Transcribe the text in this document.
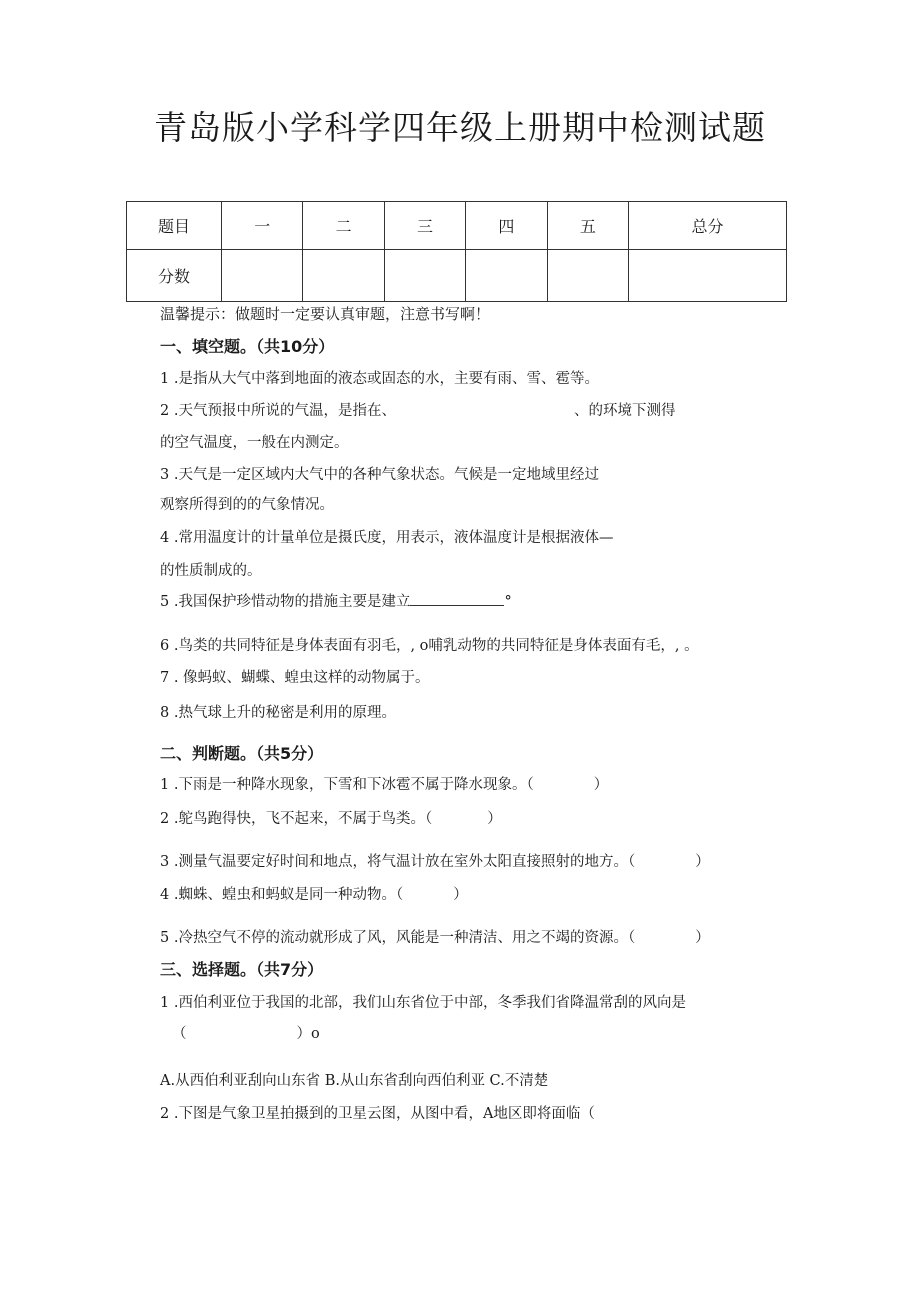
青岛版小学科学四年级上册期中检测试题
题目	一	二	三	四	五	总分
分数						
温馨提示：做题时一定要认真审题，注意书写啊！
一、填空题。（共10分）
1 .是指从大气中落到地面的液态或固态的水，主要有雨、雪、雹等。
2 .天气预报中所说的气温，是指在、	、的环境下测得
的空气温度，一般在内测定。
3 .天气是一定区域内大气中的各种气象状态。气候是一定地域里经过
观察所得到的的气象情况。
4 .常用温度计的计量单位是摄氏度，用表示，液体温度计是根据液体—
的性质制成的。
5 .我国保护珍惜动物的措施主要是建立	°
6 .鸟类的共同特征是身体表面有羽毛，, o哺乳动物的共同特征是身体表面有毛，, 。
7 . 像蚂蚁、蝴蝶、蝗虫这样的动物属于。
8 .热气球上升的秘密是利用的原理。
二、判断题。（共5分）
1 .下雨是一种降水现象，下雪和下冰雹不属于降水现象。（	）
2 .鸵鸟跑得快，飞不起来，不属于鸟类。（	）
3 .测量气温要定好时间和地点，将气温计放在室外太阳直接照射的地方。（	）
4 .蜘蛛、蝗虫和蚂蚁是同一种动物。（	）
5 .冷热空气不停的流动就形成了风，风能是一种清洁、用之不竭的资源。（	）
三、选择题。（共7分）
1 .西伯利亚位于我国的北部，我们山东省位于中部，冬季我们省降温常刮的风向是
（	）o
A.从西伯利亚刮向山东省 B.从山东省刮向西伯利亚 C.不清楚
2 .下图是气象卫星拍摄到的卫星云图，从图中看，A地区即将面临（
